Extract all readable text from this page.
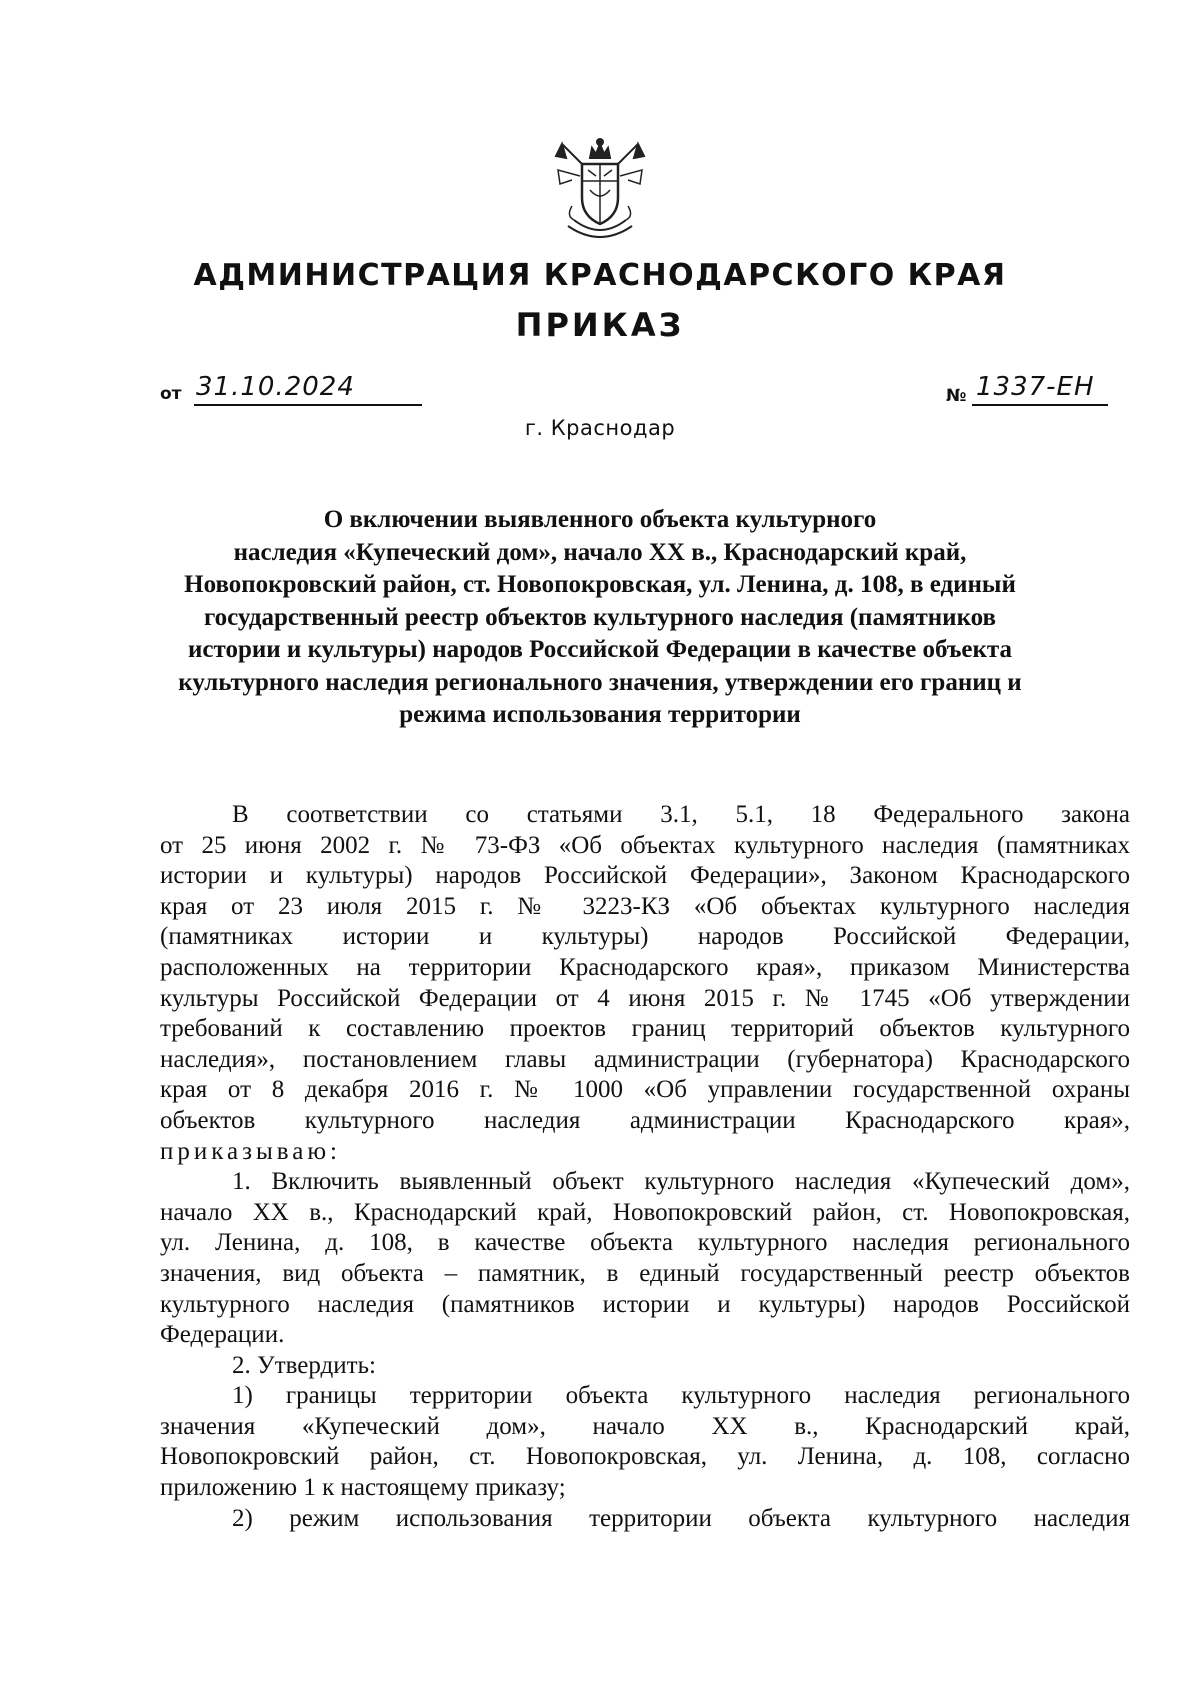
АДМИНИСТРАЦИЯ КРАСНОДАРСКОГО КРАЯ
ПРИКАЗ
от 31.10.2024
г. Краснодар
№ 1337-ЕН
О включении выявленного объекта культурного
наследия «Купеческий дом», начало XX в., Краснодарский край,
Новопокровский район, ст. Новопокровская, ул. Ленина, д. 108, в единый
государственный реестр объектов культурного наследия (памятников
истории и культуры) народов Российской Федерации в качестве объекта
культурного наследия регионального значения, утверждении его границ и
режима использования территории
В соответствии со статьями 3.1, 5.1, 18 Федерального закона
от 25 июня 2002 г. № 73-ФЗ «Об объектах культурного наследия (памятниках
истории и культуры) народов Российской Федерации», Законом Краснодарского
края от 23 июля 2015 г. № 3223-КЗ «Об объектах культурного наследия
(памятниках истории и культуры) народов Российской Федерации,
расположенных на территории Краснодарского края», приказом Министерства
культуры Российской Федерации от 4 июня 2015 г. № 1745 «Об утверждении
требований к составлению проектов границ территорий объектов культурного
наследия», постановлением главы администрации (губернатора) Краснодарского
края от 8 декабря 2016 г. № 1000 «Об управлении государственной охраны
объектов культурного наследия администрации Краснодарского края»,
приказываю:
1. Включить выявленный объект культурного наследия «Купеческий дом»,
начало XX в., Краснодарский край, Новопокровский район, ст. Новопокровская,
ул. Ленина, д. 108, в качестве объекта культурного наследия регионального
значения, вид объекта – памятник, в единый государственный реестр объектов
культурного наследия (памятников истории и культуры) народов Российской
Федерации.
2. Утвердить:
1) границы территории объекта культурного наследия регионального
значения «Купеческий дом», начало XX в., Краснодарский край,
Новопокровский район, ст. Новопокровская, ул. Ленина, д. 108, согласно
приложению 1 к настоящему приказу;
2) режим использования территории объекта культурного наследия
